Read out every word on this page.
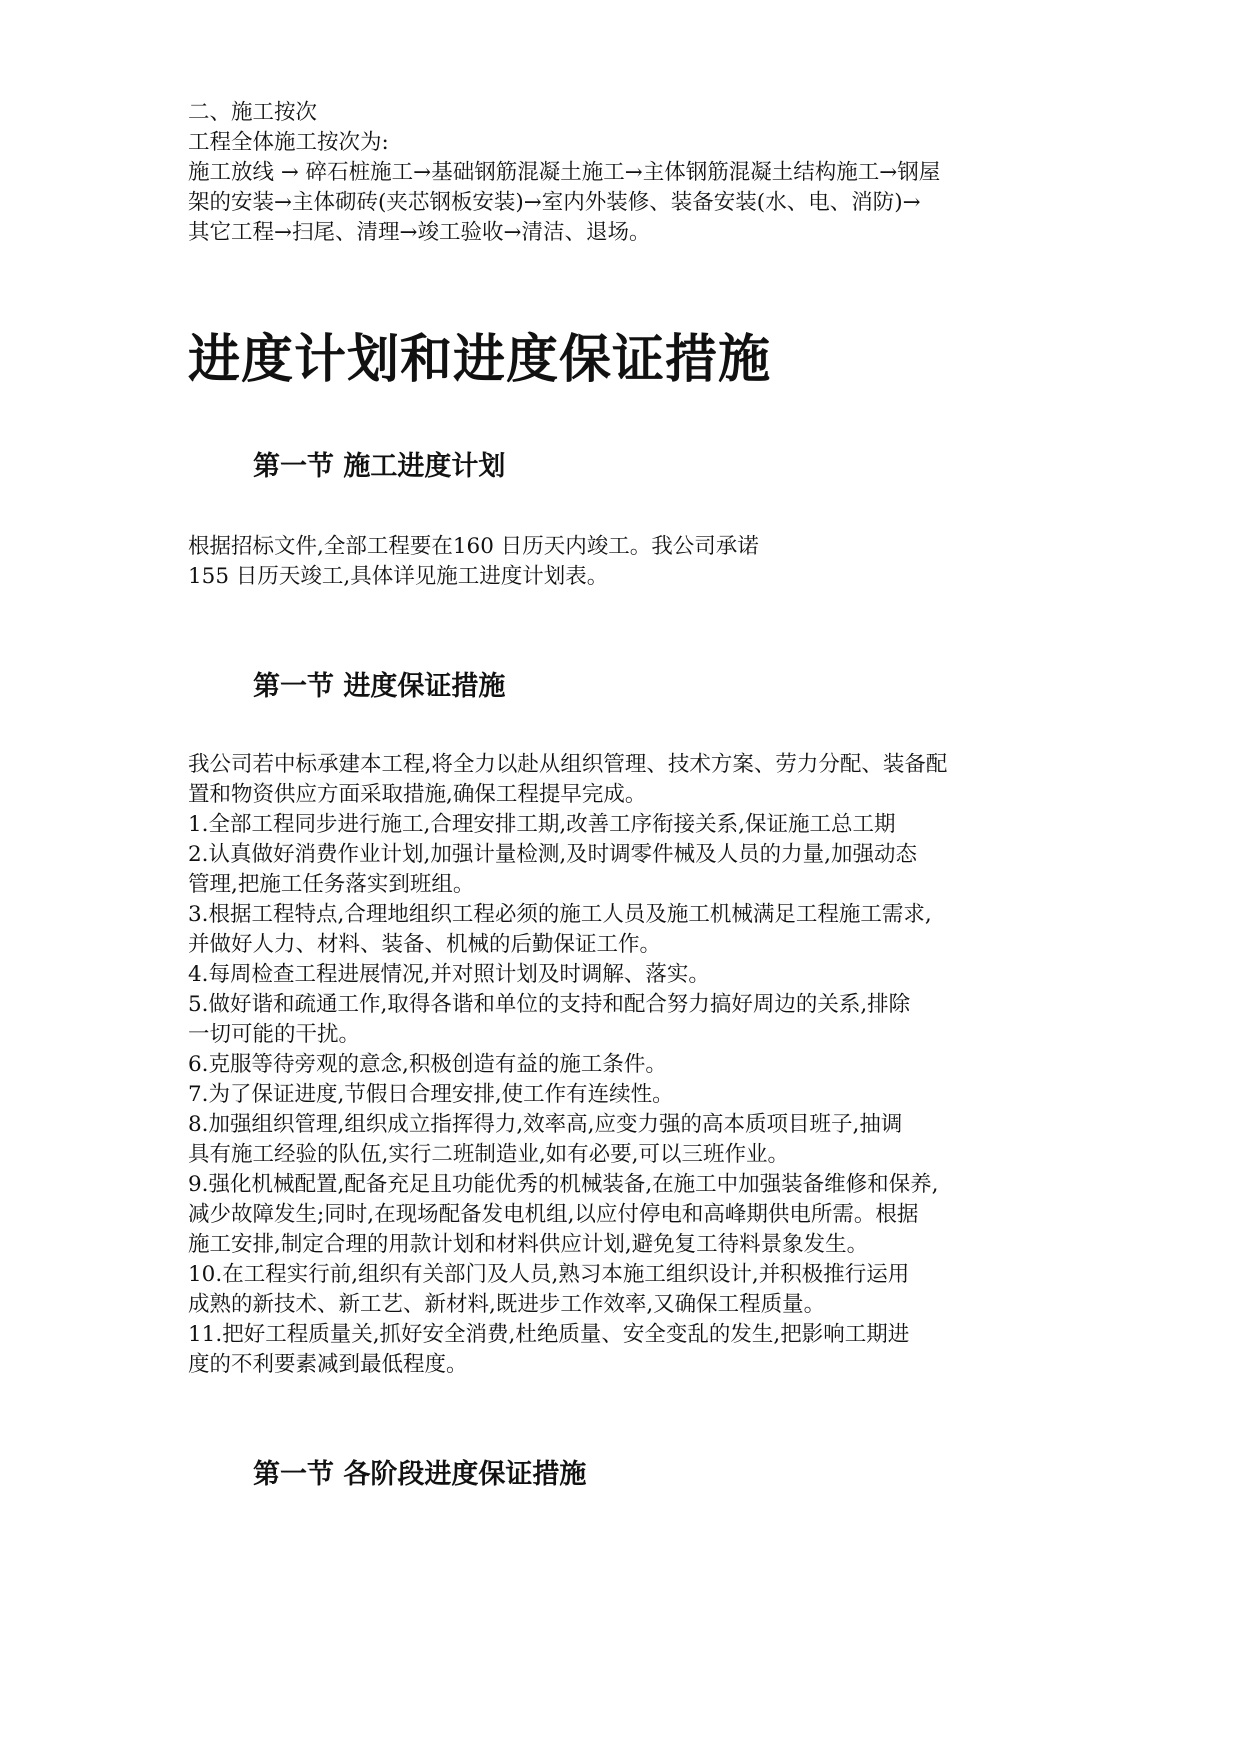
二、施工按次

工程全体施工按次为:

施工放线 → 碎石桩施工→基础钢筋混凝土施工→主体钢筋混凝土结构施工→钢屋

架的安装→主体砌砖(夹芯钢板安装)→室内外装修、装备安装(水、电、消防)→

其它工程→扫尾、清理→竣工验收→清洁、退场。

进度计划和进度保证措施
第一节 施工进度计划

根据招标文件,全部工程要在160 日历天内竣工。我公司承诺

155 日历天竣工,具体详见施工进度计划表。

第一节 进度保证措施

我公司若中标承建本工程,将全力以赴从组织管理、技术方案、劳力分配、装备配

置和物资供应方面采取措施,确保工程提早完成。

1.全部工程同步进行施工,合理安排工期,改善工序衔接关系,保证施工总工期

2.认真做好消费作业计划,加强计量检测,及时调零件械及人员的力量,加强动态

管理,把施工任务落实到班组。

3.根据工程特点,合理地组织工程必须的施工人员及施工机械满足工程施工需求,

并做好人力、材料、装备、机械的后勤保证工作。

4.每周检查工程进展情况,并对照计划及时调解、落实。

5.做好谐和疏通工作,取得各谐和单位的支持和配合努力搞好周边的关系,排除

一切可能的干扰。

6.克服等待旁观的意念,积极创造有益的施工条件。

7.为了保证进度,节假日合理安排,使工作有连续性。

8.加强组织管理,组织成立指挥得力,效率高,应变力强的高本质项目班子,抽调

具有施工经验的队伍,实行二班制造业,如有必要,可以三班作业。

9.强化机械配置,配备充足且功能优秀的机械装备,在施工中加强装备维修和保养,

减少故障发生;同时,在现场配备发电机组,以应付停电和高峰期供电所需。根据

施工安排,制定合理的用款计划和材料供应计划,避免复工待料景象发生。

10.在工程实行前,组织有关部门及人员,熟习本施工组织设计,并积极推行运用

成熟的新技术、新工艺、新材料,既进步工作效率,又确保工程质量。

11.把好工程质量关,抓好安全消费,杜绝质量、安全变乱的发生,把影响工期进

度的不利要素减到最低程度。

第一节 各阶段进度保证措施
